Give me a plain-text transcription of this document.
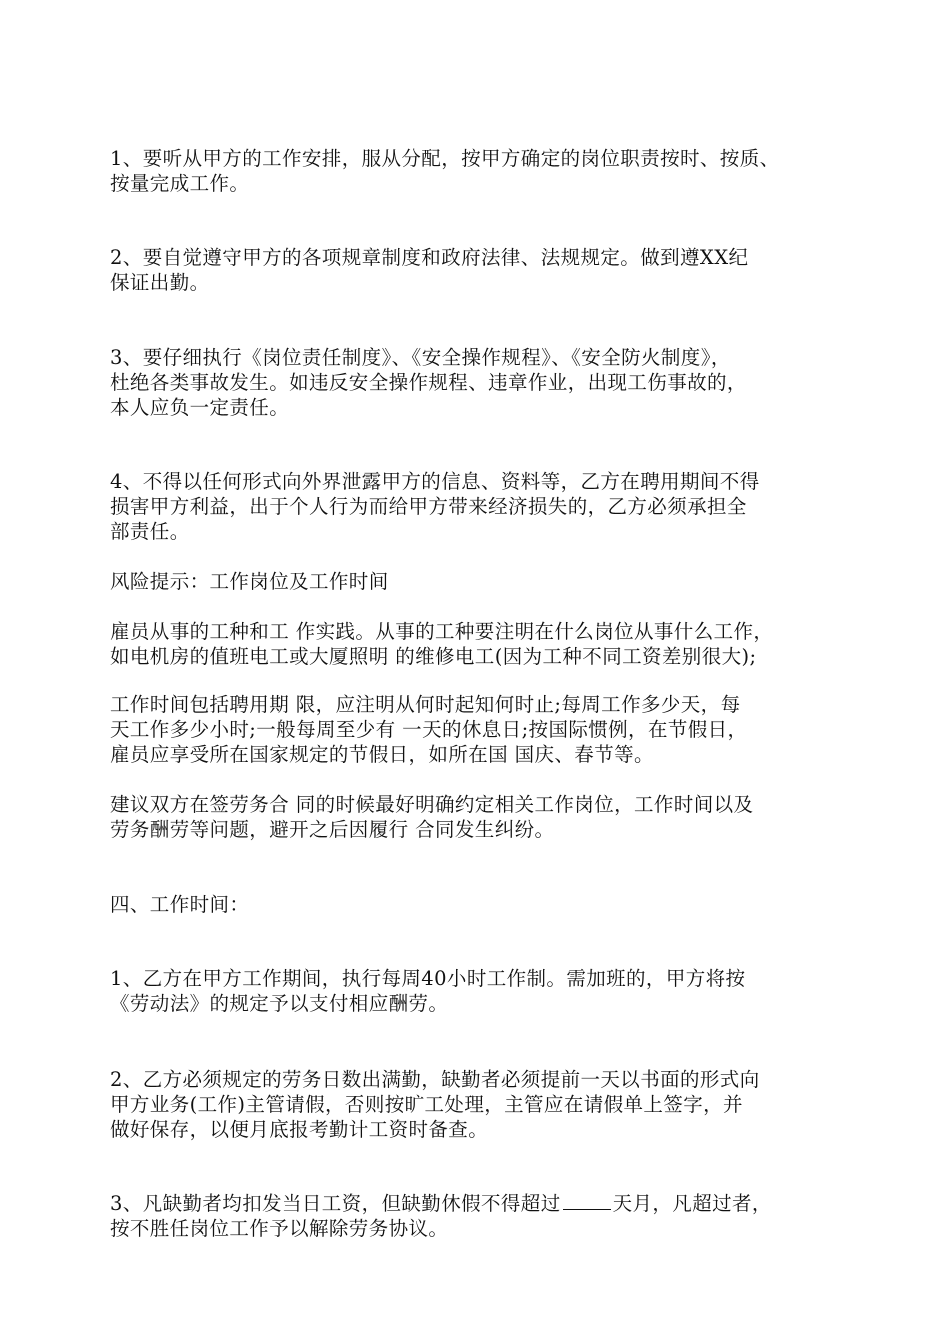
1、要听从甲方的工作安排，服从分配，按甲方确定的岗位职责按时、按质、
按量完成工作。

2、要自觉遵守甲方的各项规章制度和政府法律、法规规定。做到遵XX纪
保证出勤。

3、要仔细执行《岗位责任制度》、《安全操作规程》、《安全防火制度》，
杜绝各类事故发生。如违反安全操作规程、违章作业，出现工伤事故的，
本人应负一定责任。

4、不得以任何形式向外界泄露甲方的信息、资料等，乙方在聘用期间不得
损害甲方利益，出于个人行为而给甲方带来经济损失的，乙方必须承担全
部责任。

风险提示：工作岗位及工作时间

雇员从事的工种和工 作实践。从事的工种要注明在什么岗位从事什么工作，
如电机房的值班电工或大厦照明 的维修电工(因为工种不同工资差别很大);

工作时间包括聘用期 限，应注明从何时起知何时止;每周工作多少天，每
天工作多少小时;一般每周至少有 一天的休息日;按国际惯例，在节假日，
雇员应享受所在国家规定的节假日，如所在国 国庆、春节等。

建议双方在签劳务合 同的时候最好明确约定相关工作岗位，工作时间以及
劳务酬劳等问题，避开之后因履行 合同发生纠纷。

四、工作时间：

1、乙方在甲方工作期间，执行每周40小时工作制。需加班的，甲方将按
《劳动法》的规定予以支付相应酬劳。

2、乙方必须规定的劳务日数出满勤，缺勤者必须提前一天以书面的形式向
甲方业务(工作)主管请假，否则按旷工处理，主管应在请假单上签字，并
做好保存，以便月底报考勤计工资时备查。

3、凡缺勤者均扣发当日工资，但缺勤休假不得超过	天月，凡超过者，
按不胜任岗位工作予以解除劳务协议。
